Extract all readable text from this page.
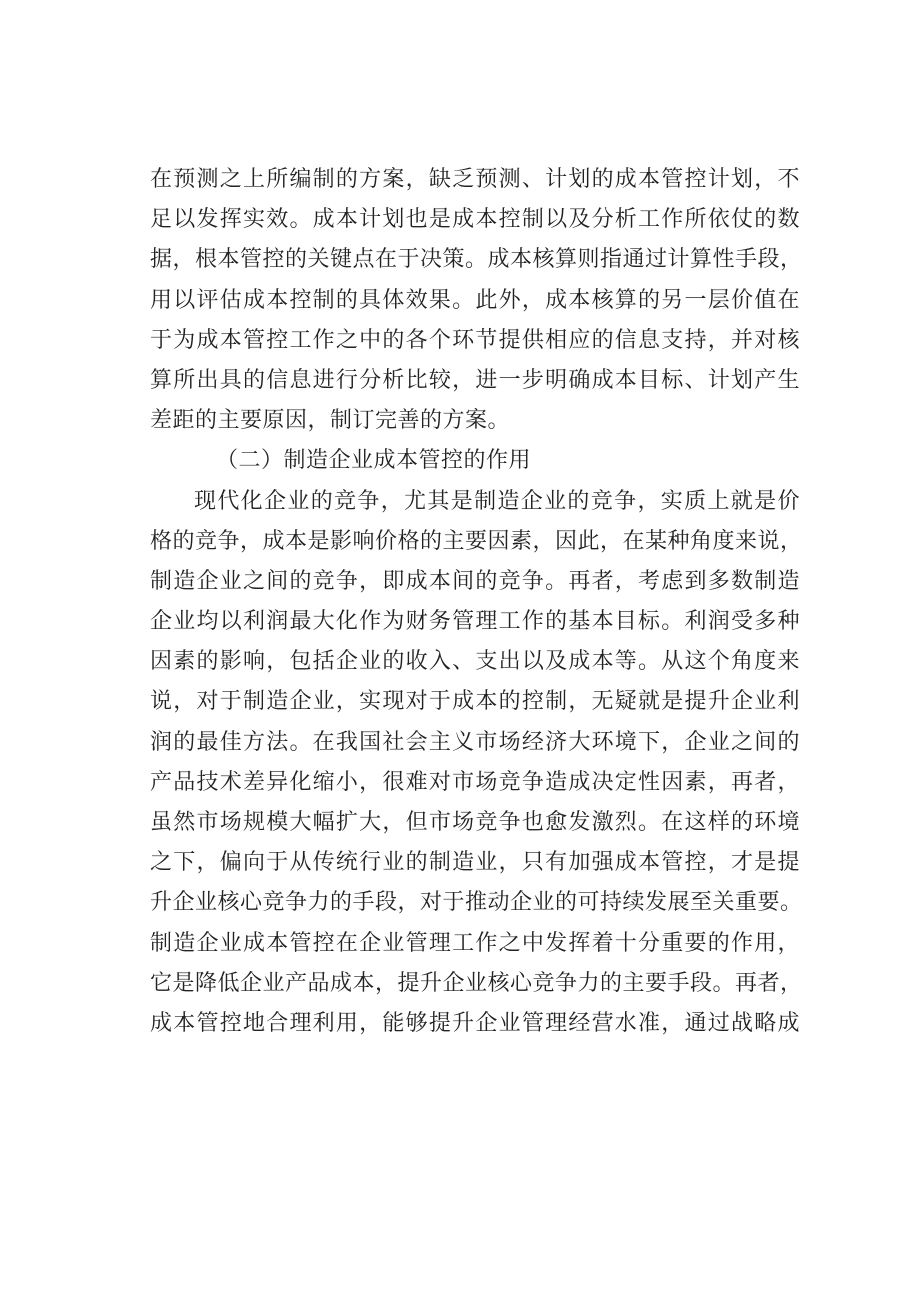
在预测之上所编制的方案，缺乏预测、计划的成本管控计划，不
足以发挥实效。成本计划也是成本控制以及分析工作所依仗的数
据，根本管控的关键点在于决策。成本核算则指通过计算性手段，
用以评估成本控制的具体效果。此外，成本核算的另一层价值在
于为成本管控工作之中的各个环节提供相应的信息支持，并对核
算所出具的信息进行分析比较，进一步明确成本目标、计划产生
差距的主要原因，制订完善的方案。
（二）制造企业成本管控的作用
现代化企业的竞争，尤其是制造企业的竞争，实质上就是价
格的竞争，成本是影响价格的主要因素，因此，在某种角度来说，
制造企业之间的竞争，即成本间的竞争。再者，考虑到多数制造
企业均以利润最大化作为财务管理工作的基本目标。利润受多种
因素的影响，包括企业的收入、支出以及成本等。从这个角度来
说，对于制造企业，实现对于成本的控制，无疑就是提升企业利
润的最佳方法。在我国社会主义市场经济大环境下，企业之间的
产品技术差异化缩小，很难对市场竞争造成决定性因素，再者，
虽然市场规模大幅扩大，但市场竞争也愈发激烈。在这样的环境
之下，偏向于从传统行业的制造业，只有加强成本管控，才是提
升企业核心竞争力的手段，对于推动企业的可持续发展至关重要。
制造企业成本管控在企业管理工作之中发挥着十分重要的作用，
它是降低企业产品成本，提升企业核心竞争力的主要手段。再者，
成本管控地合理利用，能够提升企业管理经营水准，通过战略成
